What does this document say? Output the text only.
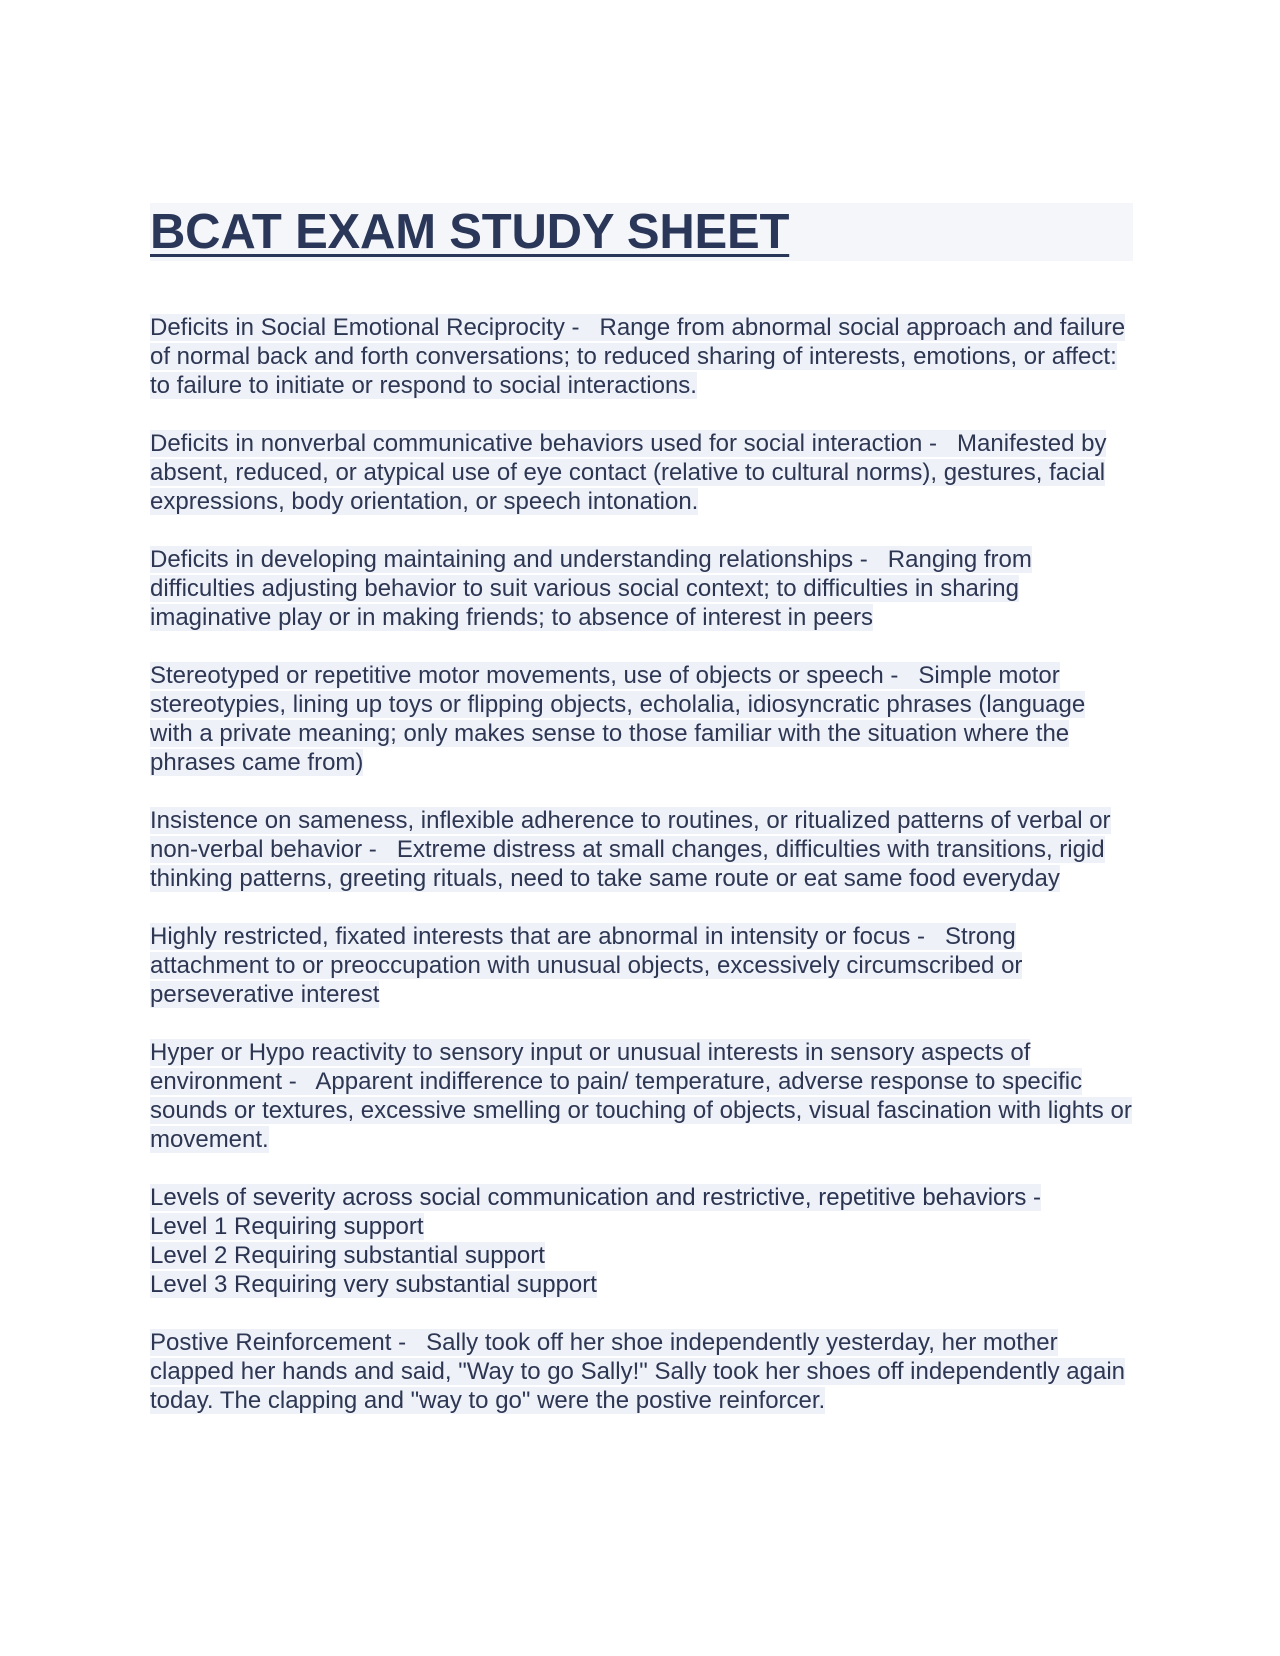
BCAT EXAM STUDY SHEET

Deficits in Social Emotional Reciprocity -   Range from abnormal social approach and failure of normal back and forth conversations; to reduced sharing of interests, emotions, or affect: to failure to initiate or respond to social interactions.

Deficits in nonverbal communicative behaviors used for social interaction -   Manifested by absent, reduced, or atypical use of eye contact (relative to cultural norms), gestures, facial expressions, body orientation, or speech intonation.

Deficits in developing maintaining and understanding relationships -   Ranging from difficulties adjusting behavior to suit various social context; to difficulties in sharing imaginative play or in making friends; to absence of interest in peers

Stereotyped or repetitive motor movements, use of objects or speech -   Simple motor stereotypies, lining up toys or flipping objects, echolalia, idiosyncratic phrases (language with a private meaning; only makes sense to those familiar with the situation where the phrases came from)

Insistence on sameness, inflexible adherence to routines, or ritualized patterns of verbal or non-verbal behavior -   Extreme distress at small changes, difficulties with transitions, rigid thinking patterns, greeting rituals, need to take same route or eat same food everyday

Highly restricted, fixated interests that are abnormal in intensity or focus -   Strong attachment to or preoccupation with unusual objects, excessively circumscribed or perseverative interest

Hyper or Hypo reactivity to sensory input or unusual interests in sensory aspects of environment -   Apparent indifference to pain/ temperature, adverse response to specific sounds or textures, excessive smelling or touching of objects, visual fascination with lights or movement.

Levels of severity across social communication and restrictive, repetitive behaviors -
Level 1 Requiring support
Level 2 Requiring substantial support
Level 3 Requiring very substantial support

Postive Reinforcement -   Sally took off her shoe independently yesterday, her mother clapped her hands and said, "Way to go Sally!" Sally took her shoes off independently again today. The clapping and "way to go" were the postive reinforcer.
